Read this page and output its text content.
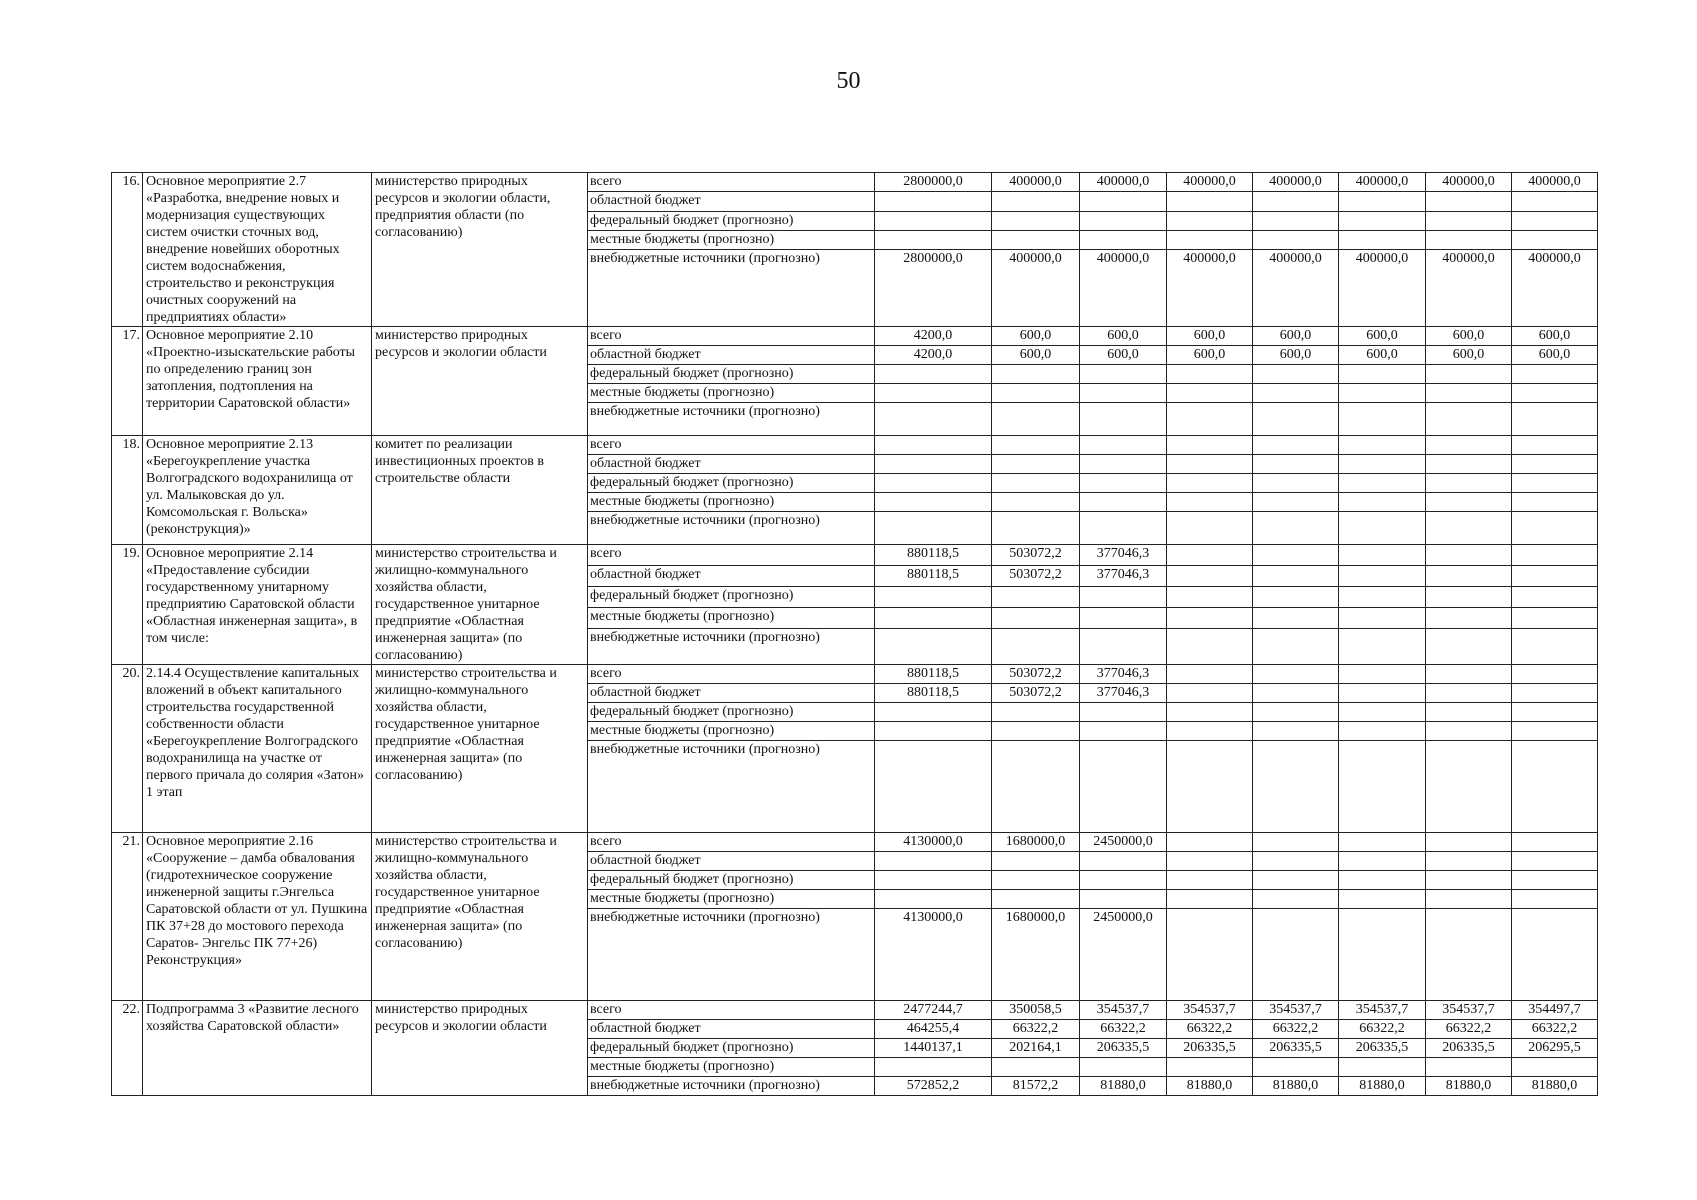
50
16.	Основное мероприятие 2.7 «Разработка, внедрение новых и модернизация существующих систем очистки сточных вод, внедрение новейших оборотных систем водоснабжения, строительство и реконструкция очистных сооружений на предприятиях области»	министерство природных ресурсов и экологии области, предприятия области (по согласованию)	всего	2800000,0	400000,0	400000,0	400000,0	400000,0	400000,0	400000,0	400000,0
			областной бюджет								
			федеральный бюджет (прогнозно)								
			местные бюджеты (прогнозно)								
			внебюджетные источники (прогнозно)	2800000,0	400000,0	400000,0	400000,0	400000,0	400000,0	400000,0	400000,0
17.	Основное мероприятие 2.10 «Проектно-изыскательские работы по определению границ зон затопления, подтопления на территории Саратовской области»	министерство природных ресурсов и экологии области	всего	4200,0	600,0	600,0	600,0	600,0	600,0	600,0	600,0
			областной бюджет	4200,0	600,0	600,0	600,0	600,0	600,0	600,0	600,0
			федеральный бюджет (прогнозно)								
			местные бюджеты (прогнозно)								
			внебюджетные источники (прогнозно)								
18.	Основное мероприятие 2.13 «Берегоукрепление участка Волгоградского водохранилища от ул. Малыковская до ул. Комсомольская г. Вольска» (реконструкция)»	комитет по реализации инвестиционных проектов в строительстве области	всего								
			областной бюджет								
			федеральный бюджет (прогнозно)								
			местные бюджеты (прогнозно)								
			внебюджетные источники (прогнозно)								
19.	Основное мероприятие 2.14 «Предоставление субсидии государственному унитарному предприятию Саратовской области «Областная инженерная защита», в том числе:	министерство строительства и жилищно-коммунального хозяйства области, государственное унитарное предприятие «Областная инженерная защита» (по согласованию)	всего	880118,5	503072,2	377046,3					
			областной бюджет	880118,5	503072,2	377046,3					
			федеральный бюджет (прогнозно)								
			местные бюджеты (прогнозно)								
			внебюджетные источники (прогнозно)								
20.	2.14.4 Осуществление капитальных вложений в объект капитального строительства государственной собственности области «Берегоукрепление Волгоградского водохранилища на участке от первого причала до солярия «Затон» 1 этап	министерство строительства и жилищно-коммунального хозяйства области, государственное унитарное предприятие «Областная инженерная защита» (по согласованию)	всего	880118,5	503072,2	377046,3					
			областной бюджет	880118,5	503072,2	377046,3					
			федеральный бюджет (прогнозно)								
			местные бюджеты (прогнозно)								
			внебюджетные источники (прогнозно)								
21.	Основное мероприятие 2.16 «Сооружение – дамба обвалования (гидротехническое сооружение инженерной защиты г.Энгельса Саратовской области от ул. Пушкина ПК 37+28 до мостового перехода Саратов- Энгельс ПК 77+26) Реконструкция»	министерство строительства и жилищно-коммунального хозяйства области, государственное унитарное предприятие «Областная инженерная защита» (по согласованию)	всего	4130000,0	1680000,0	2450000,0					
			областной бюджет								
			федеральный бюджет (прогнозно)								
			местные бюджеты (прогнозно)								
			внебюджетные источники (прогнозно)	4130000,0	1680000,0	2450000,0					
22.	Подпрограмма 3 «Развитие лесного хозяйства Саратовской области»	министерство природных ресурсов и экологии области	всего	2477244,7	350058,5	354537,7	354537,7	354537,7	354537,7	354537,7	354497,7
			областной бюджет	464255,4	66322,2	66322,2	66322,2	66322,2	66322,2	66322,2	66322,2
			федеральный бюджет (прогнозно)	1440137,1	202164,1	206335,5	206335,5	206335,5	206335,5	206335,5	206295,5
			местные бюджеты (прогнозно)								
			внебюджетные источники (прогнозно)	572852,2	81572,2	81880,0	81880,0	81880,0	81880,0	81880,0	81880,0
